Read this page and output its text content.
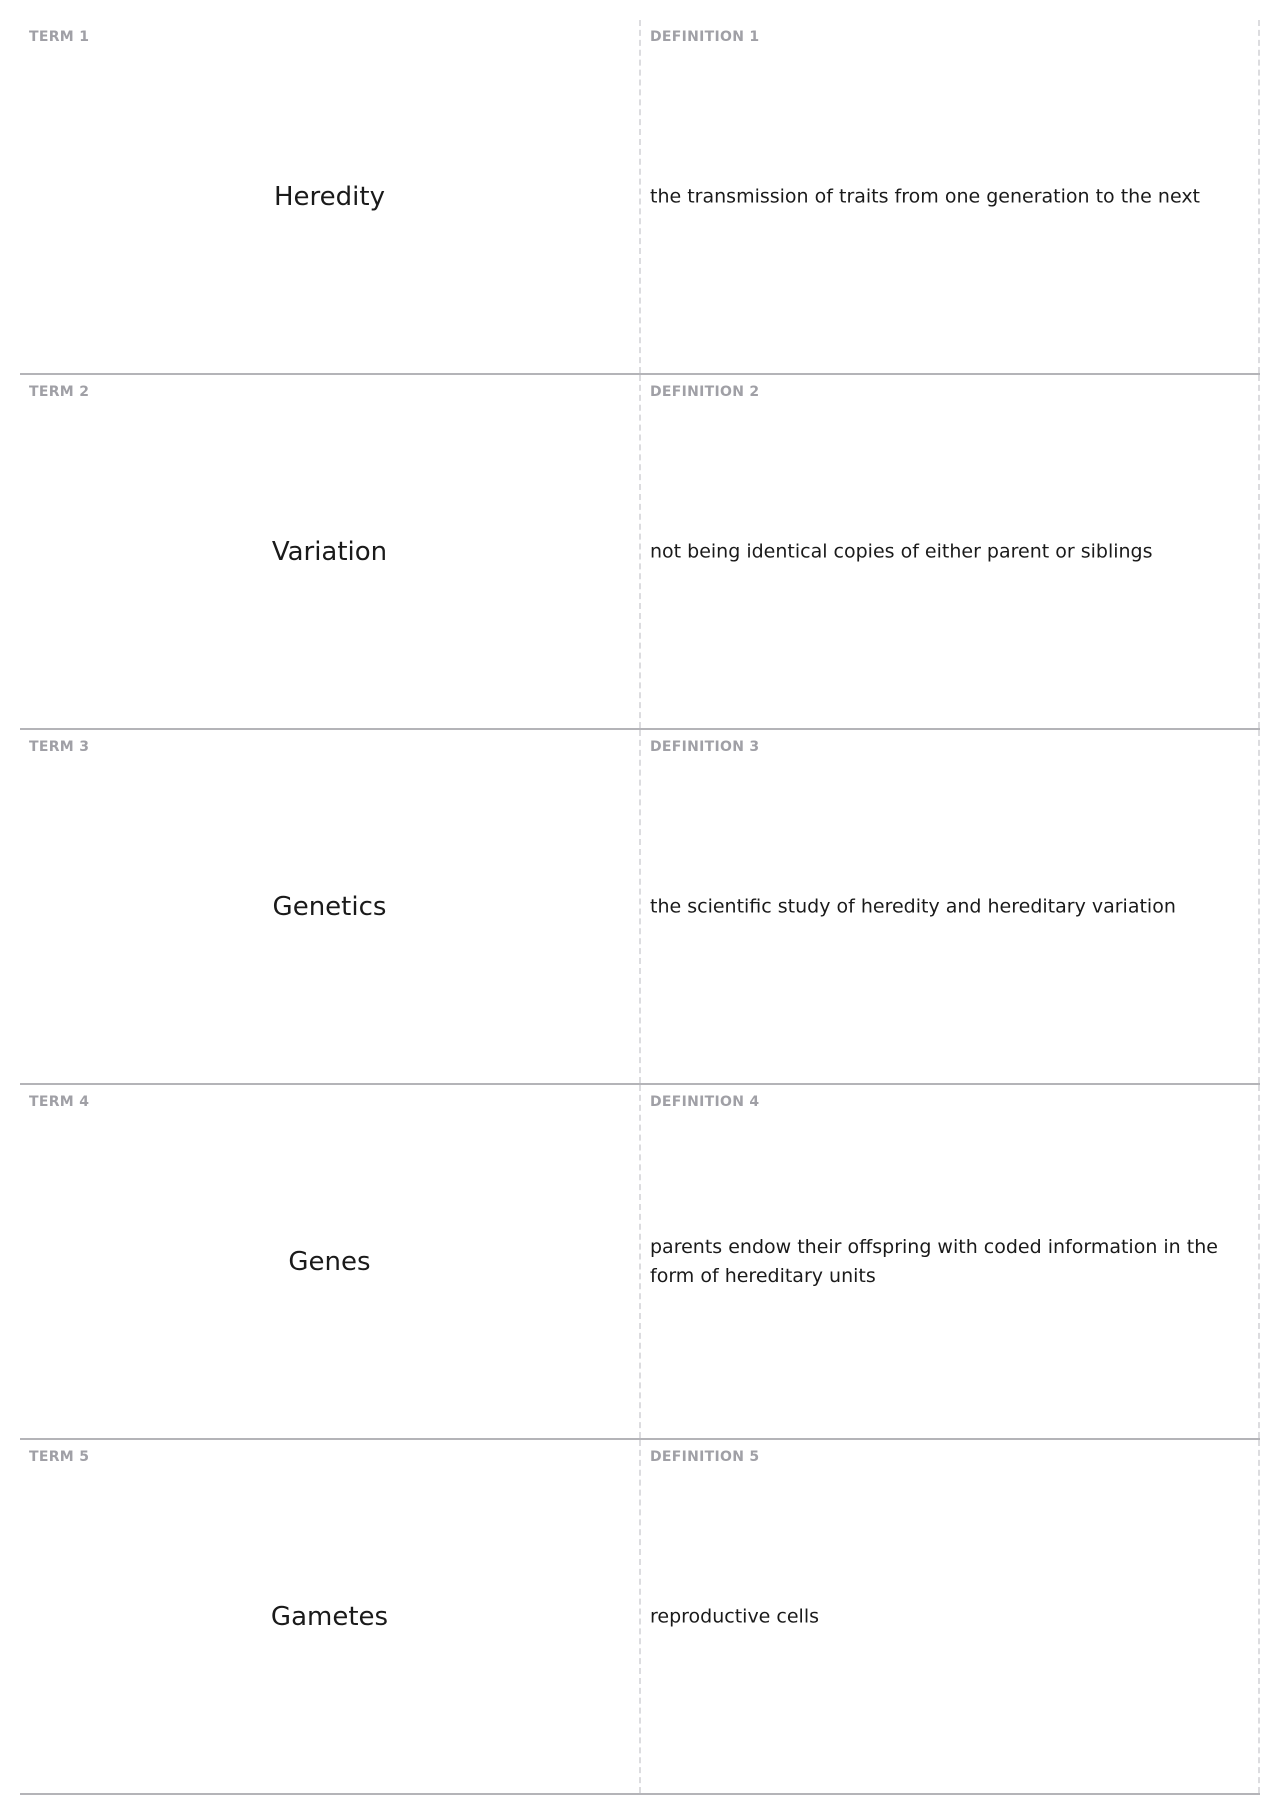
TERM 1
Heredity
DEFINITION 1
the transmission of traits from one generation to the next
TERM 2
Variation
DEFINITION 2
not being identical copies of either parent or siblings
TERM 3
Genetics
DEFINITION 3
the scientific study of heredity and hereditary variation
TERM 4
Genes
DEFINITION 4
parents endow their offspring with coded information in the form of hereditary units
TERM 5
Gametes
DEFINITION 5
reproductive cells
